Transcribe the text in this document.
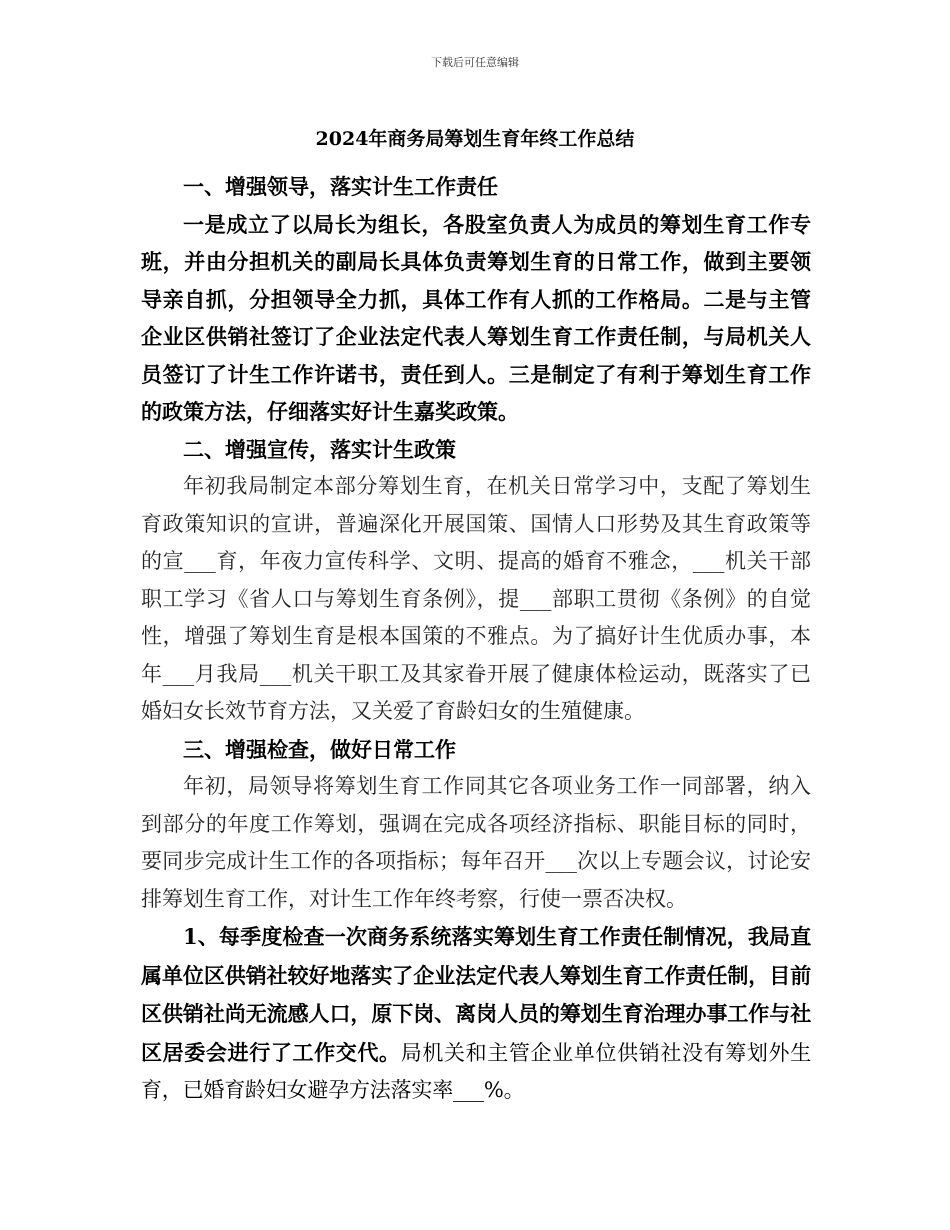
下载后可任意编辑
2024年商务局筹划生育年终工作总结

一、增强领导，落实计生工作责任

一是成立了以局长为组长，各股室负责人为成员的筹划生育工作专班，并由分担机关的副局长具体负责筹划生育的日常工作，做到主要领导亲自抓，分担领导全力抓，具体工作有人抓的工作格局。二是与主管企业区供销社签订了企业法定代表人筹划生育工作责任制，与局机关人员签订了计生工作许诺书，责任到人。三是制定了有利于筹划生育工作的政策方法，仔细落实好计生嘉奖政策。

二、增强宣传，落实计生政策

年初我局制定本部分筹划生育，在机关日常学习中，支配了筹划生育政策知识的宣讲，普遍深化开展国策、国情人口形势及其生育政策等的宣___育，年夜力宣传科学、文明、提高的婚育不雅念，___机关干部职工学习《省人口与筹划生育条例》，提___部职工贯彻《条例》的自觉性，增强了筹划生育是根本国策的不雅点。为了搞好计生优质办事，本年___月我局___机关干职工及其家眷开展了健康体检运动，既落实了已婚妇女长效节育方法，又关爱了育龄妇女的生殖健康。

三、增强检查，做好日常工作

年初，局领导将筹划生育工作同其它各项业务工作一同部署，纳入到部分的年度工作筹划，强调在完成各项经济指标、职能目标的同时，要同步完成计生工作的各项指标；每年召开___次以上专题会议，讨论安排筹划生育工作，对计生工作年终考察，行使一票否决权。

1、每季度检查一次商务系统落实筹划生育工作责任制情况，我局直属单位区供销社较好地落实了企业法定代表人筹划生育工作责任制，目前区供销社尚无流感人口，原下岗、离岗人员的筹划生育治理办事工作与社区居委会进行了工作交代。局机关和主管企业单位供销社没有筹划外生育，已婚育龄妇女避孕方法落实率___%。
